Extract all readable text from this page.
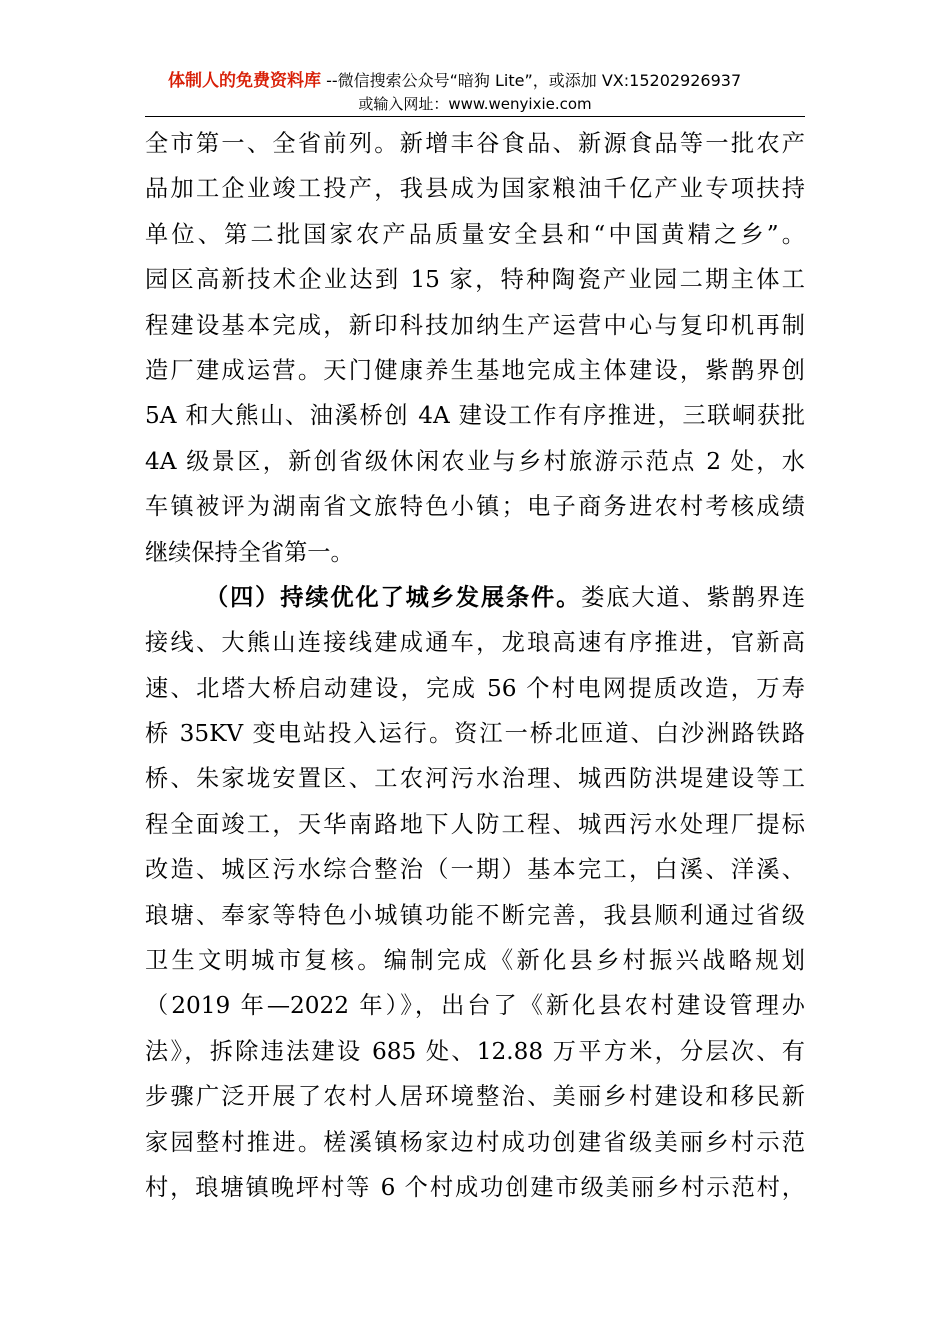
体制人的免费资料库 --微信搜索公众号“暗狗 Lite”，或添加 VX:15202926937
或输入网址：www.wenyixie.com
全市第一、全省前列。新增丰谷食品、新源食品等一批农产
品加工企业竣工投产，我县成为国家粮油千亿产业专项扶持
单位、第二批国家农产品质量安全县和“中国黄精之乡”。
园区高新技术企业达到 15 家，特种陶瓷产业园二期主体工
程建设基本完成，新印科技加纳生产运营中心与复印机再制
造厂建成运营。天门健康养生基地完成主体建设，紫鹊界创
5A 和大熊山、油溪桥创 4A 建设工作有序推进，三联峒获批
4A 级景区，新创省级休闲农业与乡村旅游示范点 2 处，水
车镇被评为湖南省文旅特色小镇；电子商务进农村考核成绩
继续保持全省第一。
（四）持续优化了城乡发展条件。娄底大道、紫鹊界连
接线、大熊山连接线建成通车，龙琅高速有序推进，官新高
速、北塔大桥启动建设，完成 56 个村电网提质改造，万寿
桥 35KV 变电站投入运行。资江一桥北匝道、白沙洲路铁路
桥、朱家垅安置区、工农河污水治理、城西防洪堤建设等工
程全面竣工，天华南路地下人防工程、城西污水处理厂提标
改造、城区污水综合整治（一期）基本完工，白溪、洋溪、
琅塘、奉家等特色小城镇功能不断完善，我县顺利通过省级
卫生文明城市复核。编制完成《新化县乡村振兴战略规划
（2019 年—2022 年）》，出台了《新化县农村建设管理办
法》，拆除违法建设 685 处、12.88 万平方米，分层次、有
步骤广泛开展了农村人居环境整治、美丽乡村建设和移民新
家园整村推进。槎溪镇杨家边村成功创建省级美丽乡村示范
村，琅塘镇晚坪村等 6 个村成功创建市级美丽乡村示范村，
